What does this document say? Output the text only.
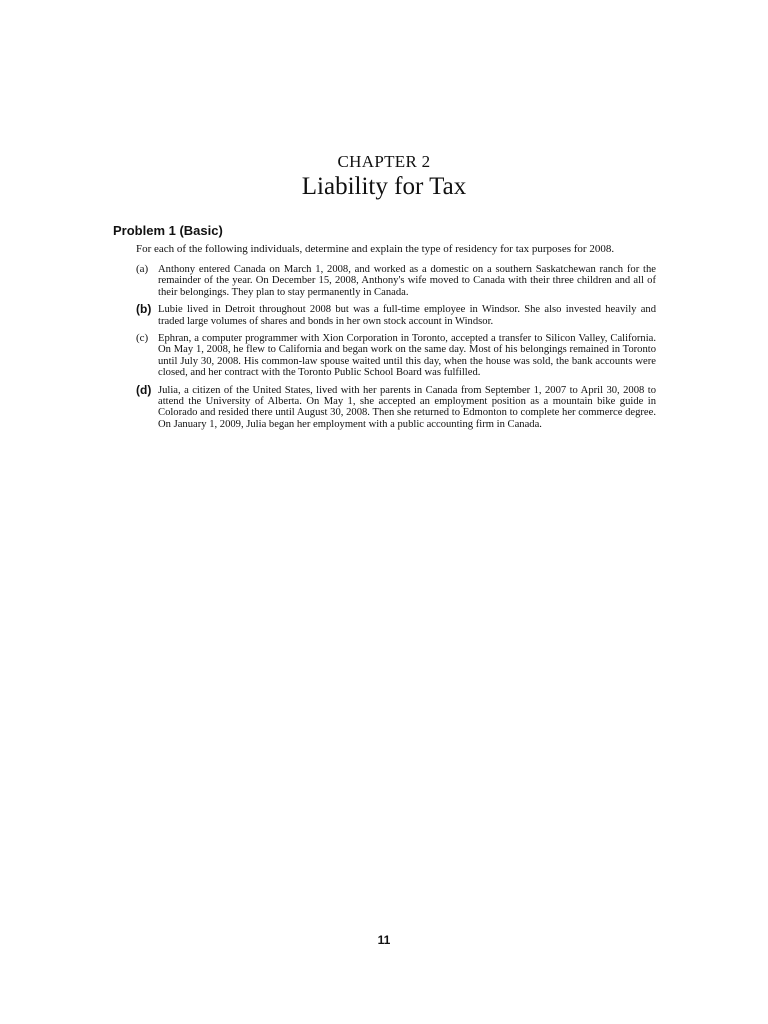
CHAPTER 2
Liability for Tax
Problem 1 (Basic)
For each of the following individuals, determine and explain the type of residency for tax purposes for 2008.
(a) Anthony entered Canada on March 1, 2008, and worked as a domestic on a southern Saskatchewan ranch for the remainder of the year. On December 15, 2008, Anthony's wife moved to Canada with their three children and all of their belongings. They plan to stay permanently in Canada.
(b) Lubie lived in Detroit throughout 2008 but was a full-time employee in Windsor. She also invested heavily and traded large volumes of shares and bonds in her own stock account in Windsor.
(c) Ephran, a computer programmer with Xion Corporation in Toronto, accepted a transfer to Silicon Valley, California. On May 1, 2008, he flew to California and began work on the same day. Most of his belongings remained in Toronto until July 30, 2008. His common-law spouse waited until this day, when the house was sold, the bank accounts were closed, and her contract with the Toronto Public School Board was fulfilled.
(d) Julia, a citizen of the United States, lived with her parents in Canada from September 1, 2007 to April 30, 2008 to attend the University of Alberta. On May 1, she accepted an employment position as a mountain bike guide in Colorado and resided there until August 30, 2008. Then she returned to Edmonton to complete her commerce degree. On January 1, 2009, Julia began her employment with a public accounting firm in Canada.
11
